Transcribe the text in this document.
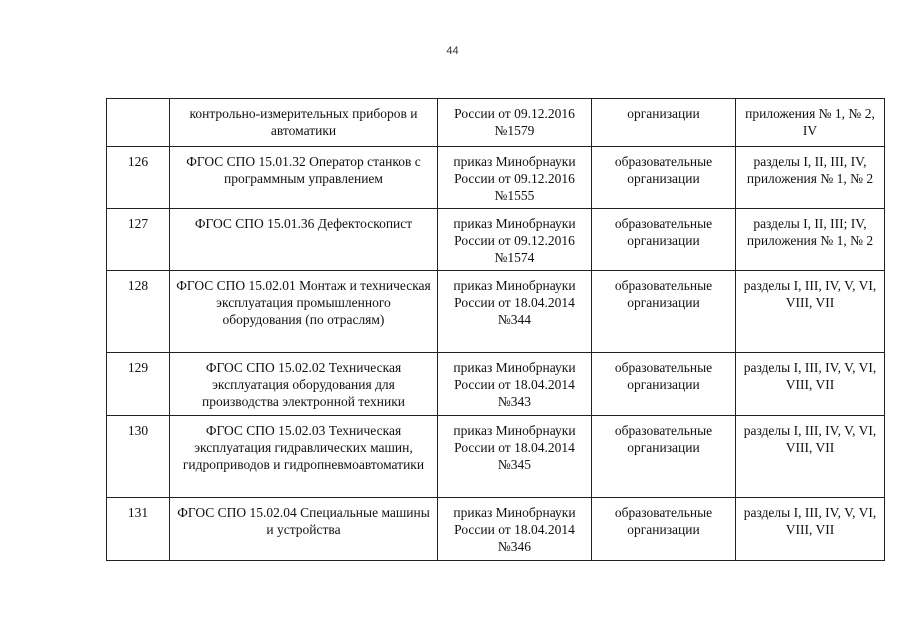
44
	контрольно-измерительных приборов и автоматики	России от 09.12.2016 №1579	организации	приложения № 1, № 2, IV
126	ФГОС СПО 15.01.32 Оператор станков с программным управлением	приказ Минобрнауки России от 09.12.2016 №1555	образовательные организации	разделы I, II, III, IV, приложения № 1, № 2
127	ФГОС СПО 15.01.36 Дефектоскопист	приказ Минобрнауки России от 09.12.2016 №1574	образовательные организации	разделы I, II, III; IV, приложения № 1, № 2
128	ФГОС СПО 15.02.01 Монтаж и техническая эксплуатация промышленного оборудования (по отраслям)	приказ Минобрнауки России от 18.04.2014 №344	образовательные организации	разделы I, III, IV, V, VI, VIII, VII
129	ФГОС СПО 15.02.02 Техническая эксплуатация оборудования для производства электронной техники	приказ Минобрнауки России от 18.04.2014 №343	образовательные организации	разделы I, III, IV, V, VI, VIII, VII
130	ФГОС СПО 15.02.03 Техническая эксплуатация гидравлических машин, гидроприводов и гидропневмоавтоматики	приказ Минобрнауки России от 18.04.2014 №345	образовательные организации	разделы I, III, IV, V, VI, VIII, VII
131	ФГОС СПО 15.02.04 Специальные машины и устройства	приказ Минобрнауки России от 18.04.2014 №346	образовательные организации	разделы I, III, IV, V, VI, VIII, VII
